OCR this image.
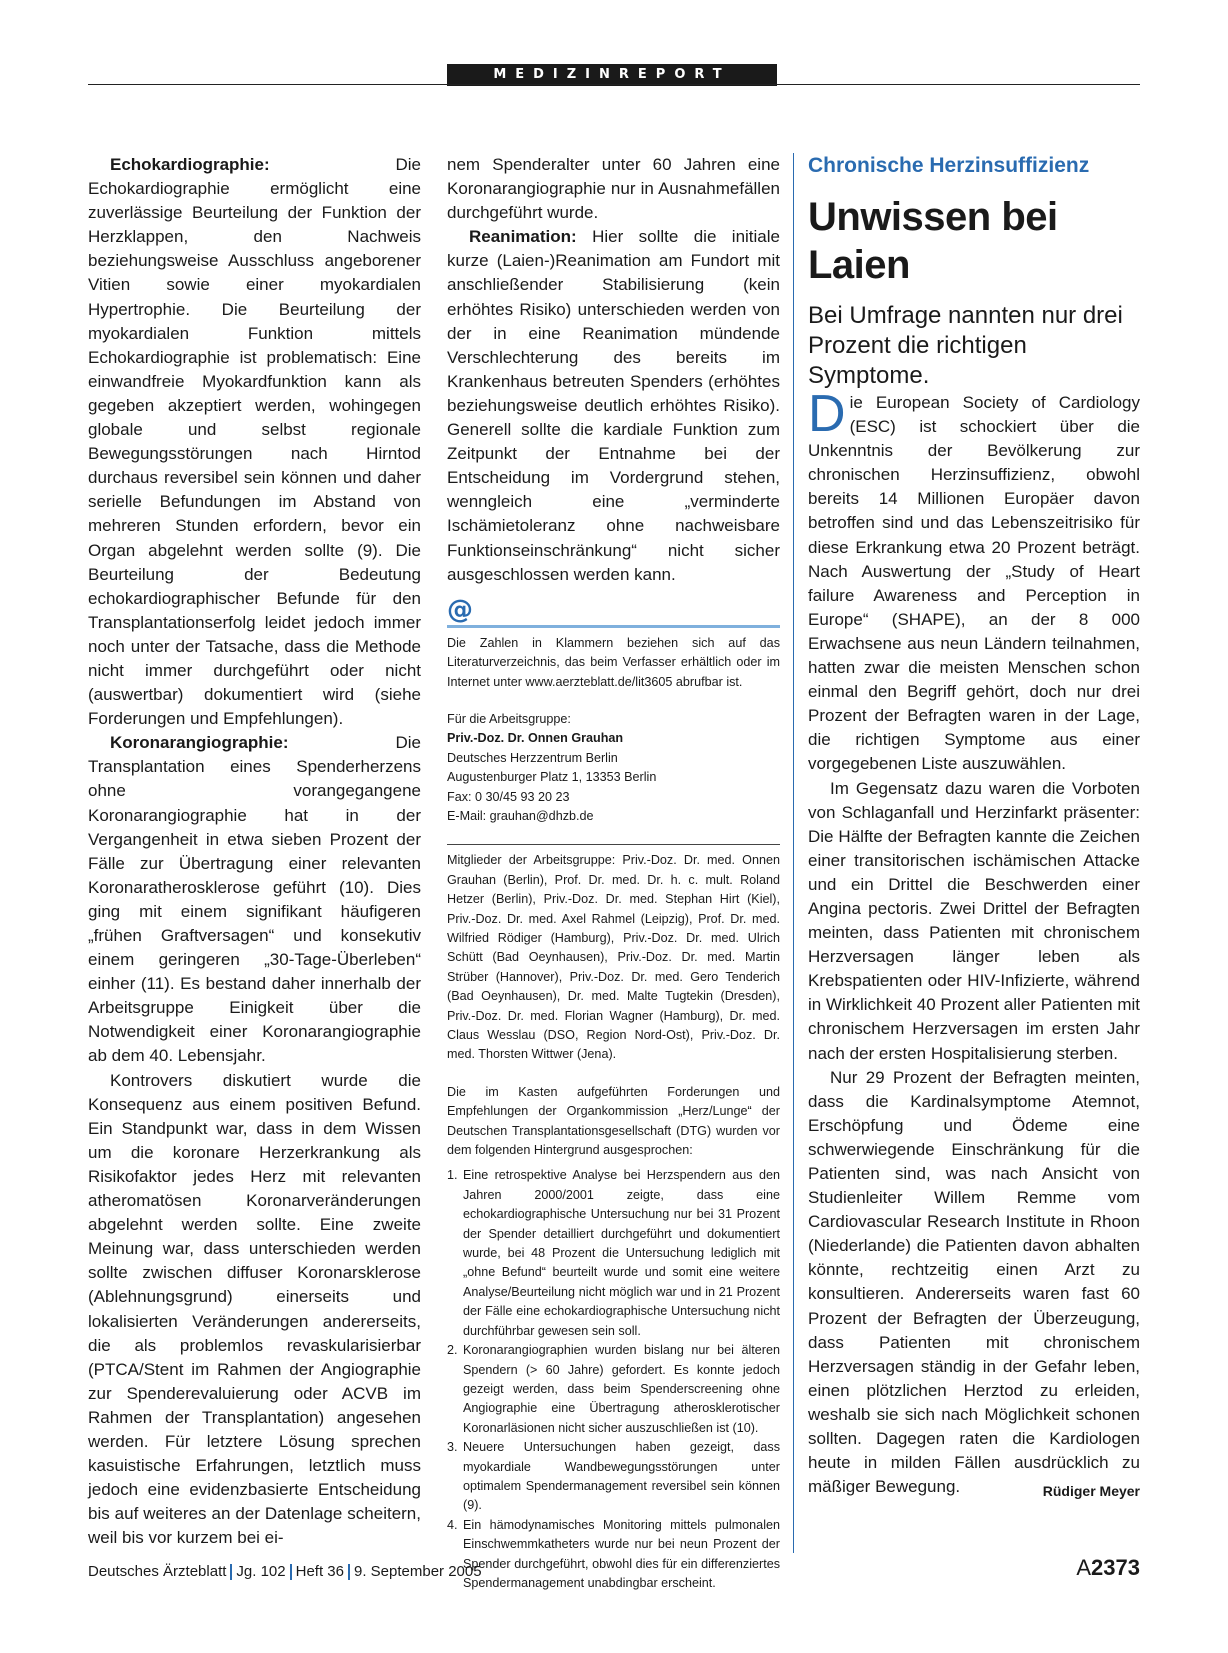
MEDIZINREPORT

Echokardiographie: Die Echokardiographie ermöglicht eine zuverlässige Beurteilung der Funktion der Herzklappen, den Nachweis beziehungsweise Ausschluss angeborener Vitien sowie einer myokardialen Hypertrophie. Die Beurteilung der myokardialen Funktion mittels Echokardiographie ist problematisch: Eine einwandfreie Myokardfunktion kann als gegeben akzeptiert werden, wohingegen globale und selbst regionale Bewegungsstörungen nach Hirntod durchaus reversibel sein können und daher serielle Befundungen im Abstand von mehreren Stunden erfordern, bevor ein Organ abgelehnt werden sollte (9). Die Beurteilung der Bedeutung echokardiographischer Befunde für den Transplantationserfolg leidet jedoch immer noch unter der Tatsache, dass die Methode nicht immer durchgeführt oder nicht (auswertbar) dokumentiert wird (siehe Forderungen und Empfehlungen).

Koronarangiographie: Die Transplantation eines Spenderherzens ohne vorangegangene Koronarangiographie hat in der Vergangenheit in etwa sieben Prozent der Fälle zur Übertragung einer relevanten Koronaratherosklerose geführt (10). Dies ging mit einem signifikant häufigeren „frühen Graftversagen“ und konsekutiv einem geringeren „30-Tage-Überleben“ einher (11). Es bestand daher innerhalb der Arbeitsgruppe Einigkeit über die Notwendigkeit einer Koronarangiographie ab dem 40. Lebensjahr.

Kontrovers diskutiert wurde die Konsequenz aus einem positiven Befund. Ein Standpunkt war, dass in dem Wissen um die koronare Herzerkrankung als Risikofaktor jedes Herz mit relevanten atheromatösen Koronarveränderungen abgelehnt werden sollte. Eine zweite Meinung war, dass unterschieden werden sollte zwischen diffuser Koronarsklerose (Ablehnungsgrund) einerseits und lokalisierten Veränderungen andererseits, die als problemlos revaskularisierbar (PTCA/Stent im Rahmen der Angiographie zur Spenderevaluierung oder ACVB im Rahmen der Transplantation) angesehen werden. Für letztere Lösung sprechen kasuistische Erfahrungen, letztlich muss jedoch eine evidenzbasierte Entscheidung bis auf weiteres an der Datenlage scheitern, weil bis vor kurzem bei ei-

nem Spenderalter unter 60 Jahren eine Koronarangiographie nur in Ausnahmefällen durchgeführt wurde.

Reanimation: Hier sollte die initiale kurze (Laien-)Reanimation am Fundort mit anschließender Stabilisierung (kein erhöhtes Risiko) unterschieden werden von der in eine Reanimation mündende Verschlechterung des bereits im Krankenhaus betreuten Spenders (erhöhtes beziehungsweise deutlich erhöhtes Risiko). Generell sollte die kardiale Funktion zum Zeitpunkt der Entnahme bei der Entscheidung im Vordergrund stehen, wenngleich eine „verminderte Ischämietoleranz ohne nachweisbare Funktionseinschränkung“ nicht sicher ausgeschlossen werden kann.

@

Die Zahlen in Klammern beziehen sich auf das Literaturverzeichnis, das beim Verfasser erhältlich oder im Internet unter www.aerzteblatt.de/lit3605 abrufbar ist.

Für die Arbeitsgruppe:

Priv.-Doz. Dr. Onnen Grauhan

Deutsches Herzzentrum Berlin

Augustenburger Platz 1, 13353 Berlin

Fax: 0 30/45 93 20 23

E-Mail: grauhan@dhzb.de

Mitglieder der Arbeitsgruppe: Priv.-Doz. Dr. med. Onnen Grauhan (Berlin), Prof. Dr. med. Dr. h. c. mult. Roland Hetzer (Berlin), Priv.-Doz. Dr. med. Stephan Hirt (Kiel), Priv.-Doz. Dr. med. Axel Rahmel (Leipzig), Prof. Dr. med. Wilfried Rödiger (Hamburg), Priv.-Doz. Dr. med. Ulrich Schütt (Bad Oeynhausen), Priv.-Doz. Dr. med. Martin Strüber (Hannover), Priv.-Doz. Dr. med. Gero Tenderich (Bad Oeynhausen), Dr. med. Malte Tugtekin (Dresden), Priv.-Doz. Dr. med. Florian Wagner (Hamburg), Dr. med. Claus Wesslau (DSO, Region Nord-Ost), Priv.-Doz. Dr. med. Thorsten Wittwer (Jena).

Die im Kasten aufgeführten Forderungen und Empfehlungen der Organkommission „Herz/Lunge“ der Deutschen Transplantationsgesellschaft (DTG) wurden vor dem folgenden Hintergrund ausgesprochen:

1. Eine retrospektive Analyse bei Herzspendern aus den Jahren 2000/2001 zeigte, dass eine echokardiographische Untersuchung nur bei 31 Prozent der Spender detailliert durchgeführt und dokumentiert wurde, bei 48 Prozent die Untersuchung lediglich mit „ohne Befund“ beurteilt wurde und somit eine weitere Analyse/Beurteilung nicht möglich war und in 21 Prozent der Fälle eine echokardiographische Untersuchung nicht durchführbar gewesen sein soll.
2. Koronarangiographien wurden bislang nur bei älteren Spendern (> 60 Jahre) gefordert. Es konnte jedoch gezeigt werden, dass beim Spenderscreening ohne Angiographie eine Übertragung atherosklerotischer Koronarläsionen nicht sicher auszuschließen ist (10).
3. Neuere Untersuchungen haben gezeigt, dass myokardiale Wandbewegungsstörungen unter optimalem Spendermanagement reversibel sein können (9).
4. Ein hämodynamisches Monitoring mittels pulmonalen Einschwemmkatheters wurde nur bei neun Prozent der Spender durchgeführt, obwohl dies für ein differenziertes Spendermanagement unabdingbar erscheint.

Chronische Herzinsuffizienz

Unwissen bei Laien

Bei Umfrage nannten nur drei Prozent die richtigen Symptome.

Die European Society of Cardiology (ESC) ist schockiert über die Unkenntnis der Bevölkerung zur chronischen Herzinsuffizienz, obwohl bereits 14 Millionen Europäer davon betroffen sind und das Lebenszeitrisiko für diese Erkrankung etwa 20 Prozent beträgt. Nach Auswertung der „Study of Heart failure Awareness and Perception in Europe“ (SHAPE), an der 8 000 Erwachsene aus neun Ländern teilnahmen, hatten zwar die meisten Menschen schon einmal den Begriff gehört, doch nur drei Prozent der Befragten waren in der Lage, die richtigen Symptome aus einer vorgegebenen Liste auszuwählen.

Im Gegensatz dazu waren die Vorboten von Schlaganfall und Herzinfarkt präsenter: Die Hälfte der Befragten kannte die Zeichen einer transitorischen ischämischen Attacke und ein Drittel die Beschwerden einer Angina pectoris. Zwei Drittel der Befragten meinten, dass Patienten mit chronischem Herzversagen länger leben als Krebspatienten oder HIV-Infizierte, während in Wirklichkeit 40 Prozent aller Patienten mit chronischem Herzversagen im ersten Jahr nach der ersten Hospitalisierung sterben.

Nur 29 Prozent der Befragten meinten, dass die Kardinalsymptome Atemnot, Erschöpfung und Ödeme eine schwerwiegende Einschränkung für die Patienten sind, was nach Ansicht von Studienleiter Willem Remme vom Cardiovascular Research Institute in Rhoon (Niederlande) die Patienten davon abhalten könnte, rechtzeitig einen Arzt zu konsultieren. Andererseits waren fast 60 Prozent der Befragten der Überzeugung, dass Patienten mit chronischem Herzversagen ständig in der Gefahr leben, einen plötzlichen Herztod zu erleiden, weshalb sie sich nach Möglichkeit schonen sollten. Dagegen raten die Kardiologen heute in milden Fällen ausdrücklich zu mäßiger Bewegung.	Rüdiger Meyer

Deutsches Ärzteblatt Jg. 102 Heft 36 9. September 2005	A2373
